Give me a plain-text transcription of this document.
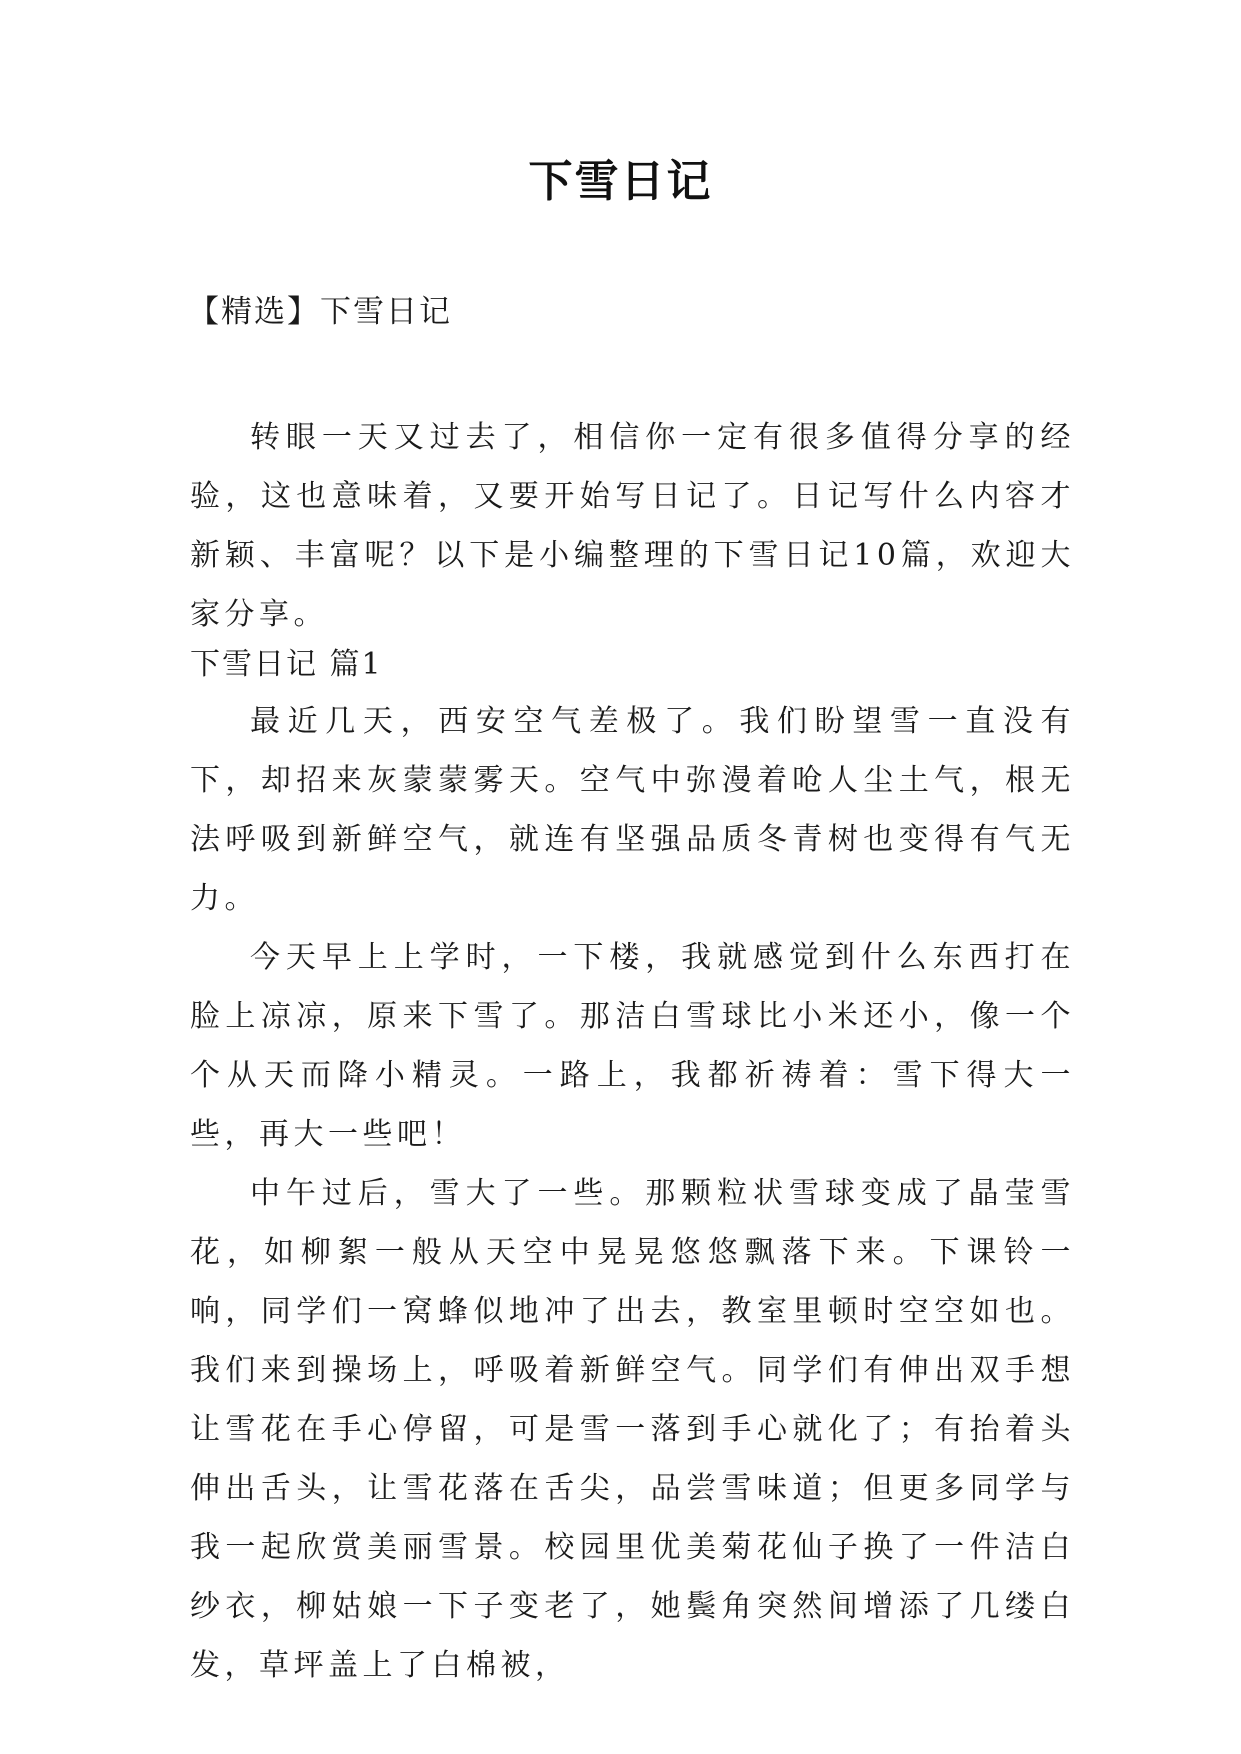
下雪日记
【精选】下雪日记

转眼一天又过去了，相信你一定有很多值得分享的经验，这也意味着，又要开始写日记了。日记写什么内容才新颖、丰富呢？以下是小编整理的下雪日记10篇，欢迎大家分享。

下雪日记 篇1

最近几天，西安空气差极了。我们盼望雪一直没有下，却招来灰蒙蒙雾天。空气中弥漫着呛人尘土气，根无法呼吸到新鲜空气，就连有坚强品质冬青树也变得有气无力。

今天早上上学时，一下楼，我就感觉到什么东西打在脸上凉凉，原来下雪了。那洁白雪球比小米还小，像一个个从天而降小精灵。一路上，我都祈祷着：雪下得大一些，再大一些吧！

中午过后，雪大了一些。那颗粒状雪球变成了晶莹雪花，如柳絮一般从天空中晃晃悠悠飘落下来。下课铃一响，同学们一窝蜂似地冲了出去，教室里顿时空空如也。我们来到操场上，呼吸着新鲜空气。同学们有伸出双手想让雪花在手心停留，可是雪一落到手心就化了；有抬着头伸出舌头，让雪花落在舌尖，品尝雪味道；但更多同学与我一起欣赏美丽雪景。校园里优美菊花仙子换了一件洁白纱衣，柳姑娘一下子变老了，她鬓角突然间增添了几缕白发，草坪盖上了白棉被，
